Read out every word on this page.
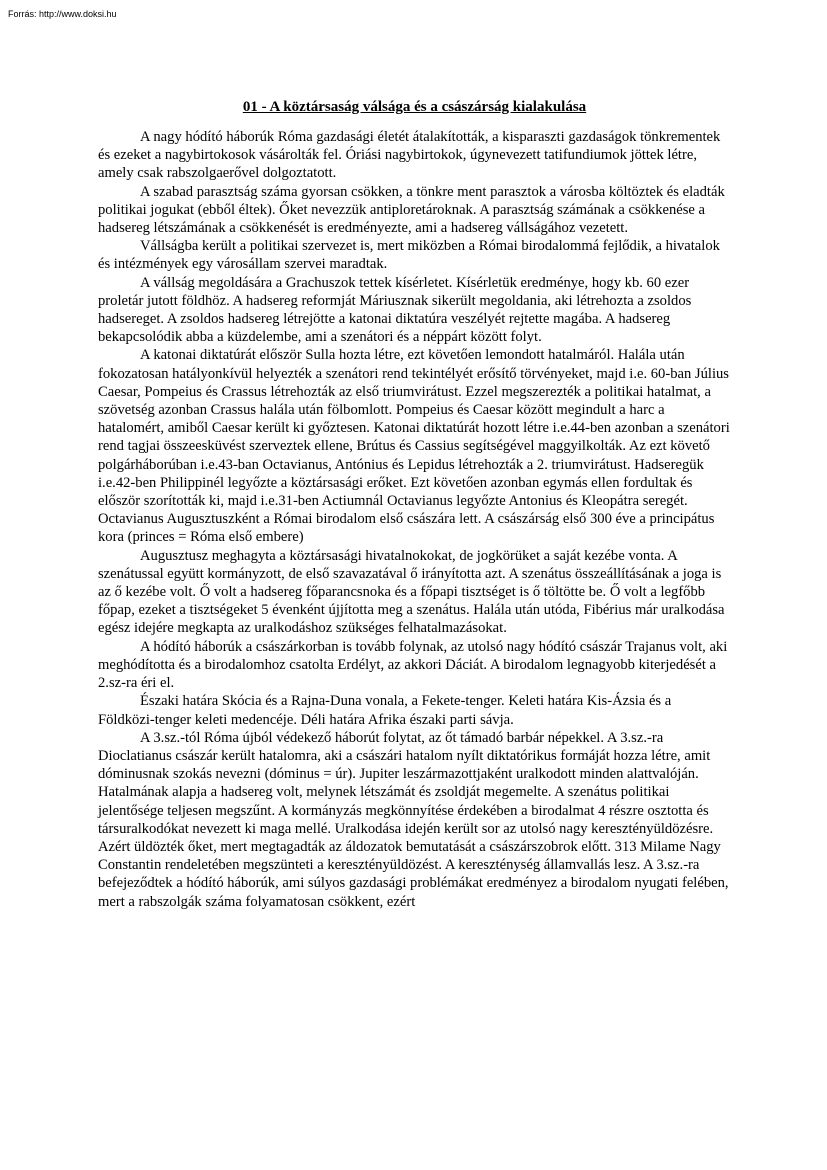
Forrás: http://www.doksi.hu
01 - A köztársaság válsága és a császárság kialakulása

A nagy hódító háborúk Róma gazdasági életét átalakították, a kisparaszti gazdaságok tönkrementek és ezeket a nagybirtokosok vásárolták fel. Óriási nagybirtokok, úgynevezett tatifundiumok jöttek létre, amely csak rabszolgaerővel dolgoztatott.

A szabad parasztság száma gyorsan csökken, a tönkre ment parasztok a városba költöztek és eladták politikai jogukat (ebből éltek). Őket nevezzük antiploretároknak. A parasztság számának a csökkenése a hadsereg létszámának a csökkenését is eredményezte, ami a hadsereg vállságához vezetett.

Vállságba került a politikai szervezet is, mert miközben a Római birodalommá fejlődik, a hivatalok és intézmények egy városállam szervei maradtak.

A vállság megoldására a Grachuszok tettek kísérletet. Kísérletük eredménye, hogy kb. 60 ezer proletár jutott földhöz. A hadsereg reformját Máriusznak sikerült megoldania, aki létrehozta a zsoldos hadsereget. A zsoldos hadsereg létrejötte a katonai diktatúra veszélyét rejtette magába. A hadsereg bekapcsolódik abba a küzdelembe, ami a szenátori és a néppárt között folyt.

A katonai diktatúrát először Sulla hozta létre, ezt követően lemondott hatalmáról. Halála után fokozatosan hatályonkívül helyezték a szenátori rend tekintélyét erősítő törvényeket, majd i.e. 60-ban Július Caesar, Pompeius és Crassus létrehozták az első triumvirátust. Ezzel megszerezték a politikai hatalmat, a szövetség azonban Crassus halála után fölbomlott. Pompeius és Caesar között megindult a harc a hatalomért, amiből Caesar került ki győztesen. Katonai diktatúrát hozott létre i.e.44-ben azonban a szenátori rend tagjai összeesküvést szerveztek ellene, Brútus és Cassius segítségével maggyilkolták. Az ezt követő polgárháborúban i.e.43-ban Octavianus, Antónius és Lepidus létrehozták a 2. triumvirátust. Hadseregük i.e.42-ben Philippinél legyőzte a köztársasági erőket. Ezt követően azonban egymás ellen fordultak és először szorították ki, majd i.e.31-ben Actiumnál Octavianus legyőzte Antonius és Kleopátra seregét. Octavianus Augusztuszként a Római birodalom első császára lett. A császárság első 300 éve a principátus kora (princes = Róma első embere)

Augusztusz meghagyta a köztársasági hivatalnokokat, de jogkörüket a saját kezébe vonta. A szenátussal együtt kormányzott, de első szavazatával ő irányította azt. A szenátus összeállításának a joga is az ő kezébe volt. Ő volt a hadsereg főparancsnoka és a főpapi tisztséget is ő töltötte be. Ő volt a legfőbb főpap, ezeket a tisztségeket 5 évenként újjította meg a szenátus. Halála után utóda, Fibérius már uralkodása egész idejére megkapta az uralkodáshoz szükséges felhatalmazásokat.

A hódító háborúk a császárkorban is tovább folynak, az utolsó nagy hódító császár Trajanus volt, aki meghódította és a birodalomhoz csatolta Erdélyt, az akkori Dáciát. A birodalom legnagyobb kiterjedését a 2.sz-ra éri el.

Északi határa Skócia és a Rajna-Duna vonala, a Fekete-tenger. Keleti határa Kis-Ázsia és a Földközi-tenger keleti medencéje. Déli határa Afrika északi parti sávja.

A 3.sz.-tól Róma újból védekező háborút folytat, az őt támadó barbár népekkel. A 3.sz.-ra Dioclatianus császár került hatalomra, aki a császári hatalom nyílt diktatórikus formáját hozza létre, amit dóminusnak szokás nevezni (dóminus = úr). Jupiter leszármazottjaként uralkodott minden alattvalóján. Hatalmának alapja a hadsereg volt, melynek létszámát és zsoldját megemelte. A szenátus politikai jelentősége teljesen megszűnt. A kormányzás megkönnyítése érdekében a birodalmat 4 részre osztotta és társuralkodókat nevezett ki maga mellé. Uralkodása idején került sor az utolsó nagy keresztényüldözésre. Azért üldözték őket, mert megtagadták az áldozatok bemutatását a császárszobrok előtt. 313 Milame Nagy Constantin rendeletében megszünteti a keresztényüldözést. A kereszténység államvallás lesz. A 3.sz.-ra befejeződtek a hódító háborúk, ami súlyos gazdasági problémákat eredményez a birodalom nyugati felében, mert a rabszolgák száma folyamatosan csökkent, ezért
